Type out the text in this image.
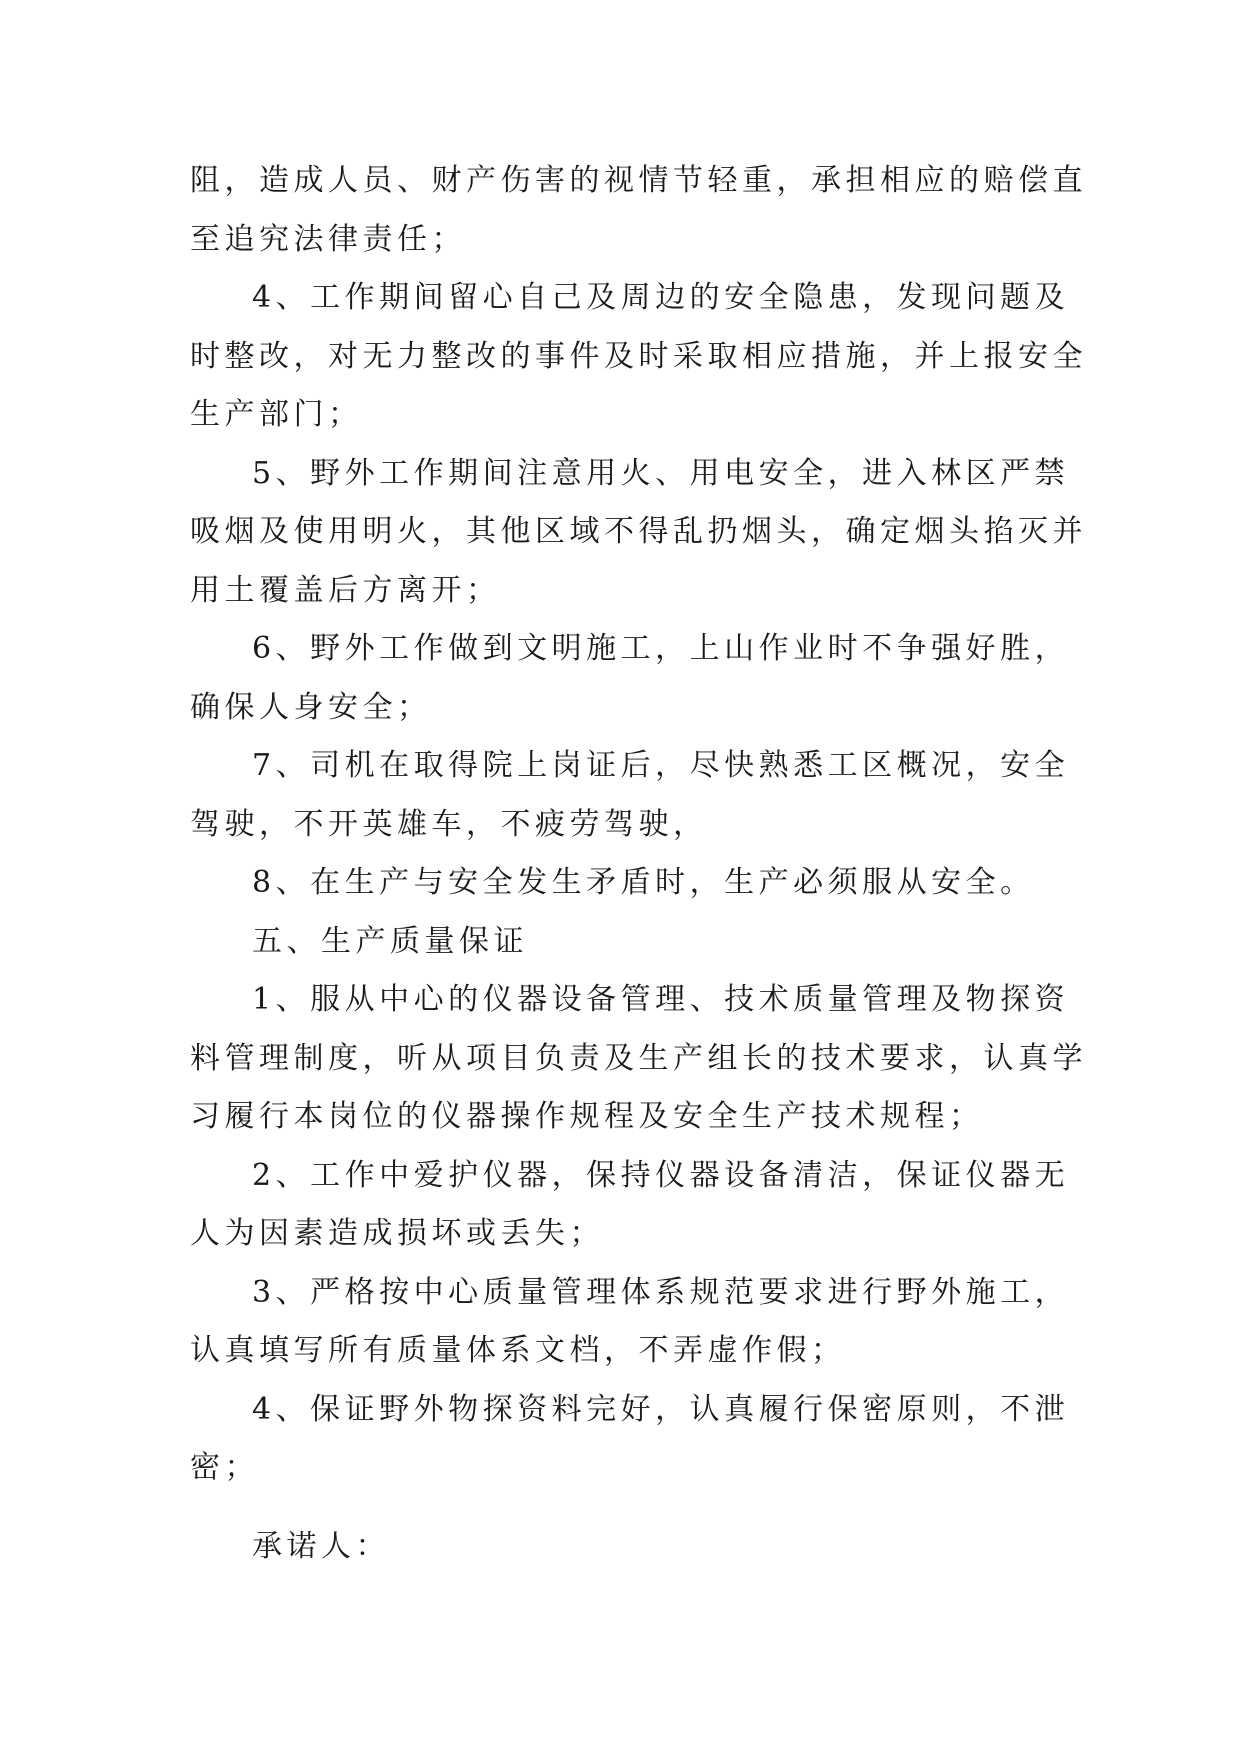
阻，造成人员、财产伤害的视情节轻重，承担相应的赔偿直
至追究法律责任；
4、工作期间留心自己及周边的安全隐患，发现问题及
时整改，对无力整改的事件及时采取相应措施，并上报安全
生产部门；
5、野外工作期间注意用火、用电安全，进入林区严禁
吸烟及使用明火，其他区域不得乱扔烟头，确定烟头掐灭并
用土覆盖后方离开；
6、野外工作做到文明施工，上山作业时不争强好胜，
确保人身安全；
7、司机在取得院上岗证后，尽快熟悉工区概况，安全
驾驶，不开英雄车，不疲劳驾驶，
8、在生产与安全发生矛盾时，生产必须服从安全。
五、生产质量保证
1、服从中心的仪器设备管理、技术质量管理及物探资
料管理制度，听从项目负责及生产组长的技术要求，认真学
习履行本岗位的仪器操作规程及安全生产技术规程；
2、工作中爱护仪器，保持仪器设备清洁，保证仪器无
人为因素造成损坏或丢失；
3、严格按中心质量管理体系规范要求进行野外施工，
认真填写所有质量体系文档，不弄虚作假；
4、保证野外物探资料完好，认真履行保密原则，不泄
密；
承诺人：
